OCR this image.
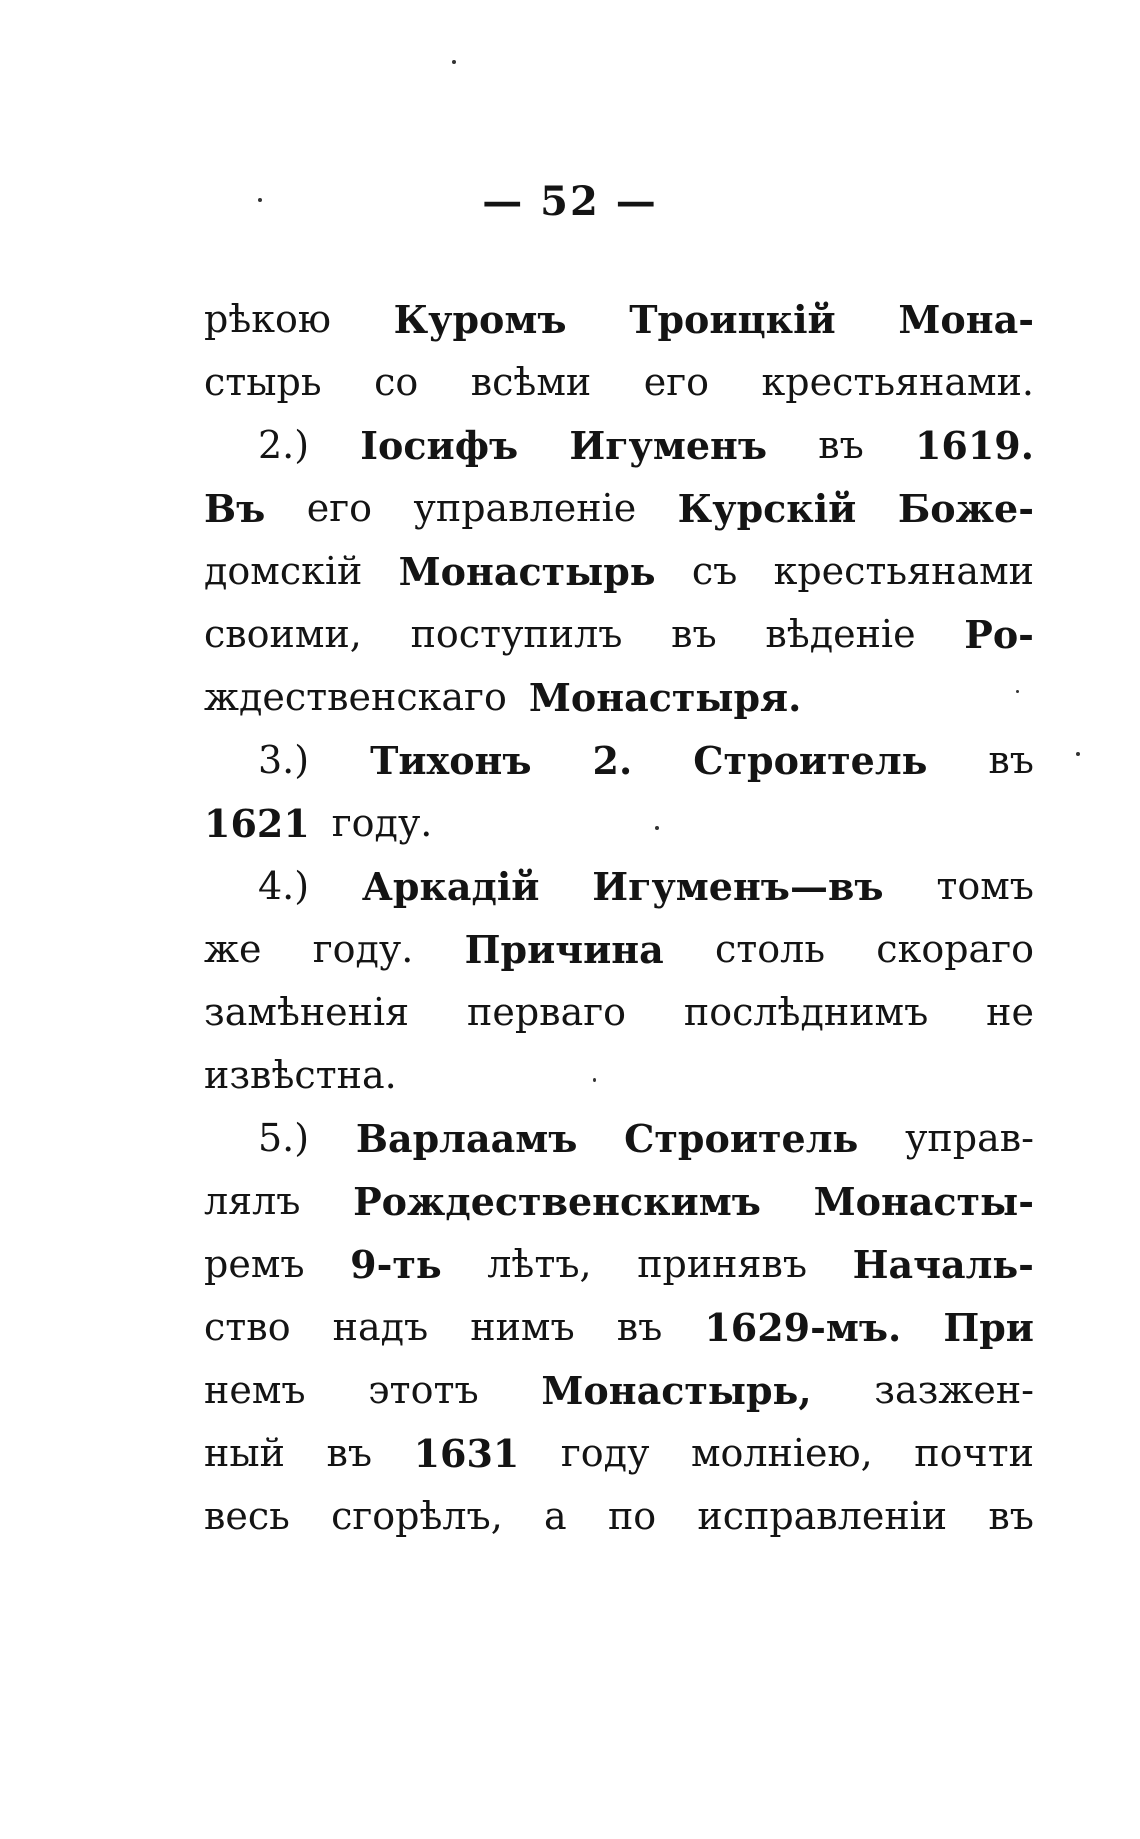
— 52 —
рѣкою Куромъ Троицкій Мона-
стырь со всѣми его крестьянами.
2.) Іосифъ Игуменъ въ 1619.
Въ его управленіе Курскій Боже-
домскій Монастырь съ крестьянами
своими, поступилъ въ вѣденіе Ро-
ждественскаго Монастыря.
3.) Тихонъ 2. Строитель въ
1621 году.
4.) Аркадій Игуменъ—въ томъ
же году. Причина столь скораго
замѣненія перваго послѣднимъ не
извѣстна.
5.) Варлаамъ Строитель управ-
лялъ Рождественскимъ Монасты-
ремъ 9-ть лѣтъ, принявъ Началь-
ство надъ нимъ въ 1629-мъ. При
немъ этотъ Монастырь, зазжен-
ный въ 1631 году молніею, почти
весь сгорѣлъ, а по исправленіи въ
